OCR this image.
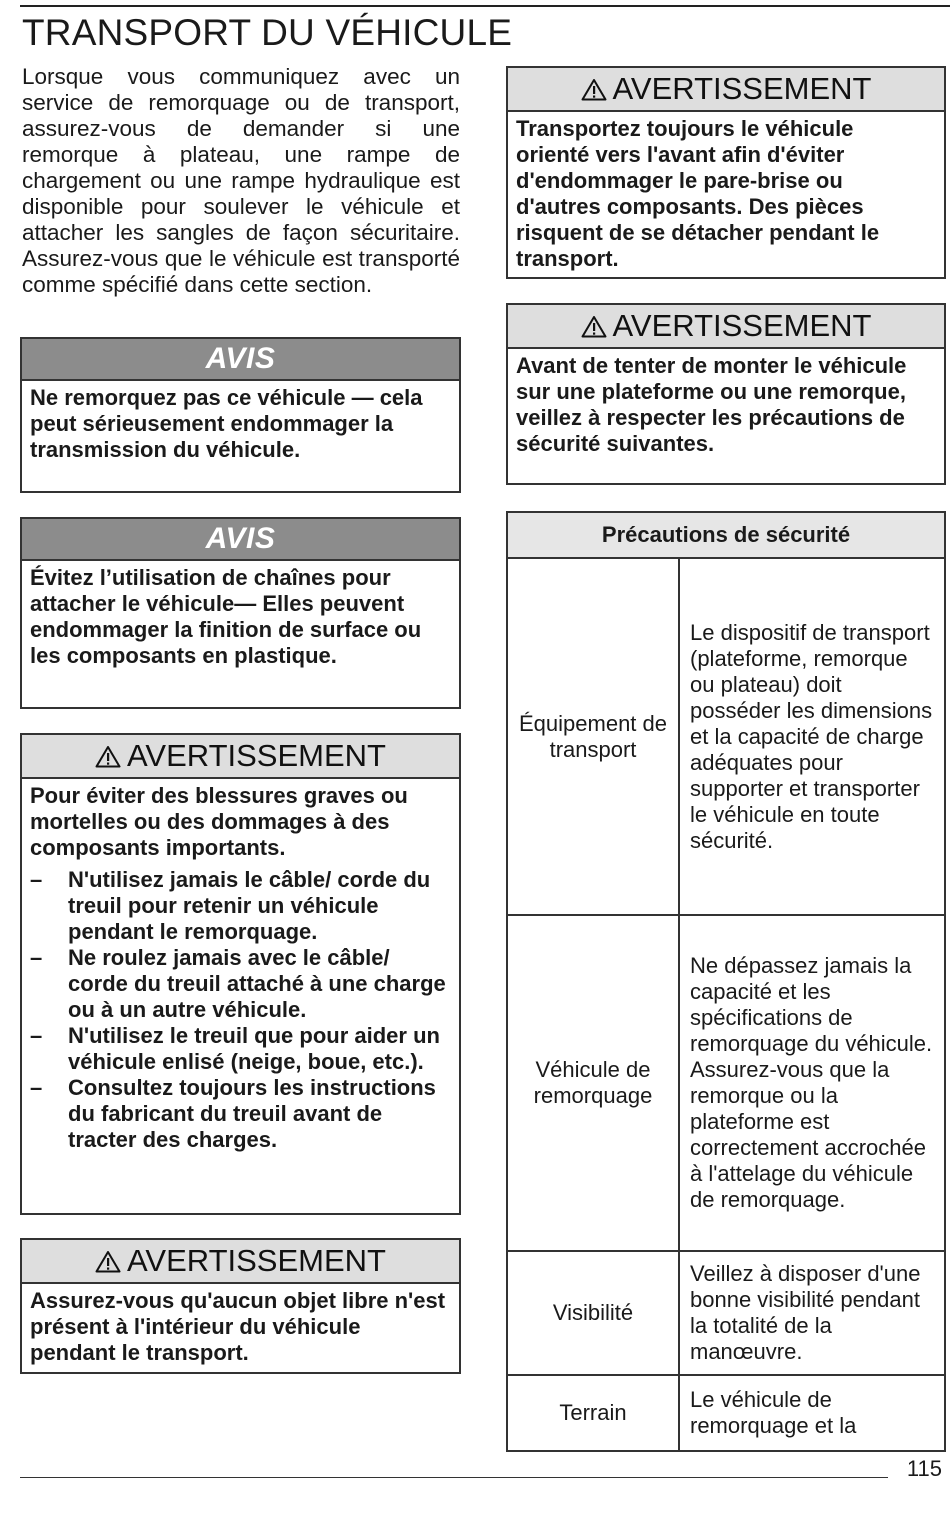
TRANSPORT DU VÉHICULE

Lorsque vous communiquez avec un service de remorquage ou de transport, assurez-vous de demander si une remorque à plateau, une rampe de chargement ou une rampe hydraulique est disponible pour soulever le véhicule et attacher les sangles de façon sécuritaire. Assurez-vous que le véhicule est transporté comme spécifié dans cette section.

AVIS
Ne remorquez pas ce véhicule — cela peut sérieusement endommager la transmission du véhicule.
AVIS
Évitez l’utilisation de chaînes pour attacher le véhicule— Elles peuvent endommager la finition de surface ou les composants en plastique.
AVERTISSEMENT
Pour éviter des blessures graves ou mortelles ou des dommages à des composants importants.
– N'utilisez jamais le câble/ corde du treuil pour retenir un véhicule pendant le remorquage.
– Ne roulez jamais avec le câble/ corde du treuil attaché à une charge ou à un autre véhicule.
– N'utilisez le treuil que pour aider un véhicule enlisé (neige, boue, etc.).
– Consultez toujours les instructions du fabricant du treuil avant de tracter des charges.
AVERTISSEMENT
Assurez-vous qu'aucun objet libre n'est présent à l'intérieur du véhicule pendant le transport.
AVERTISSEMENT
Transportez toujours le véhicule orienté vers l'avant afin d'éviter d'endommager le pare-brise ou d'autres composants. Des pièces risquent de se détacher pendant le transport.
AVERTISSEMENT
Avant de tenter de monter le véhicule sur une plateforme ou une remorque, veillez à respecter les précautions de sécurité suivantes.
Précautions de sécurité	
Équipement de transport	Le dispositif de transport (plateforme, remorque ou plateau) doit posséder les dimensions et la capacité de charge adéquates pour supporter et transporter le véhicule en toute sécurité.
Véhicule de remorquage	Ne dépassez jamais la capacité et les spécifications de remorquage du véhicule. Assurez-vous que la remorque ou la plateforme est correctement accrochée à l'attelage du véhicule de remorquage.
Visibilité	Veillez à disposer d'une bonne visibilité pendant la totalité de la manœuvre.
Terrain	Le véhicule de remorquage et la
115
